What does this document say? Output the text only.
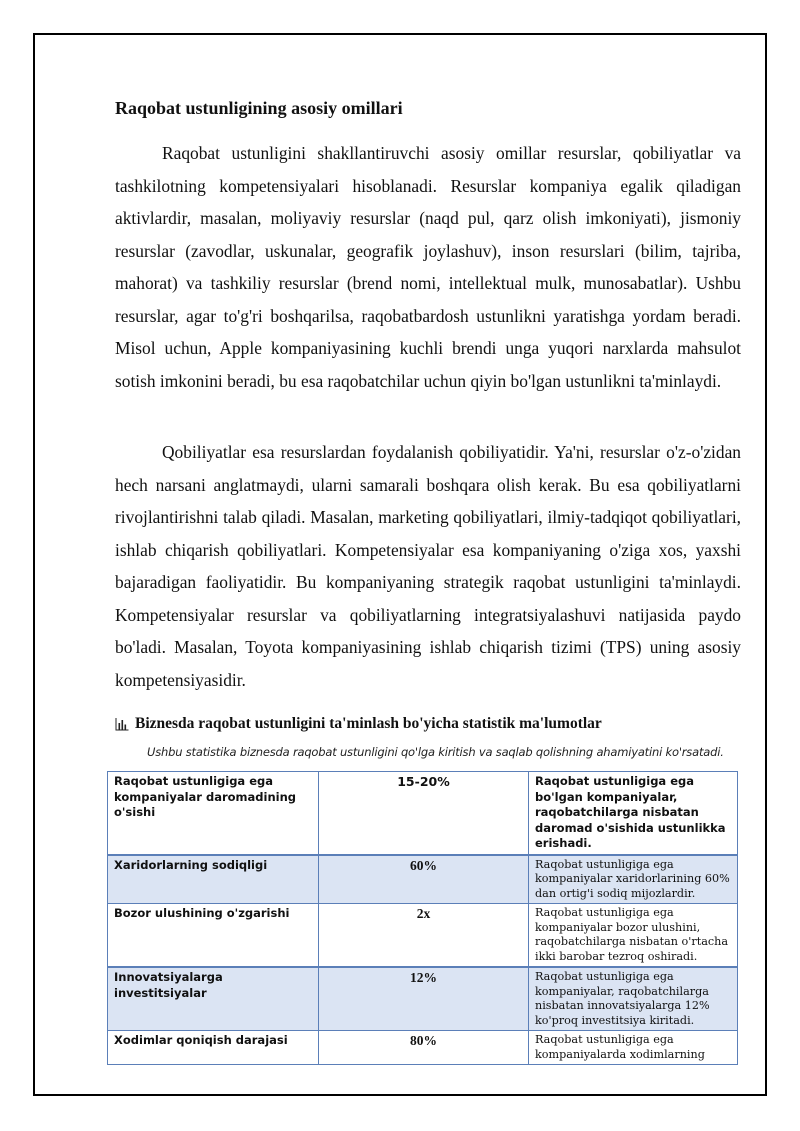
Raqobat ustunligining asosiy omillari

Raqobat ustunligini shakllantiruvchi asosiy omillar resurslar, qobiliyatlar va tashkilotning kompetensiyalari hisoblanadi. Resurslar kompaniya egalik qiladigan aktivlardir, masalan, moliyaviy resurslar (naqd pul, qarz olish imkoniyati), jismoniy resurslar (zavodlar, uskunalar, geografik joylashuv), inson resurslari (bilim, tajriba, mahorat) va tashkiliy resurslar (brend nomi, intellektual mulk, munosabatlar). Ushbu resurslar, agar to'g'ri boshqarilsa, raqobatbardosh ustunlikni yaratishga yordam beradi. Misol uchun, Apple kompaniyasining kuchli brendi unga yuqori narxlarda mahsulot sotish imkonini beradi, bu esa raqobatchilar uchun qiyin bo'lgan ustunlikni ta'minlaydi.

Qobiliyatlar esa resurslardan foydalanish qobiliyatidir. Ya'ni, resurslar o'z-o'zidan hech narsani anglatmaydi, ularni samarali boshqara olish kerak. Bu esa qobiliyatlarni rivojlantirishni talab qiladi. Masalan, marketing qobiliyatlari, ilmiy-tadqiqot qobiliyatlari, ishlab chiqarish qobiliyatlari. Kompetensiyalar esa kompaniyaning o'ziga xos, yaxshi bajaradigan faoliyatidir. Bu kompaniyaning strategik raqobat ustunligini ta'minlaydi. Kompetensiyalar resurslar va qobiliyatlarning integratsiyalashuvi natijasida paydo bo'ladi. Masalan, Toyota kompaniyasining ishlab chiqarish tizimi (TPS) uning asosiy kompetensiyasidir.

Biznesda raqobat ustunligini ta'minlash bo'yicha statistik ma'lumotlar

Ushbu statistika biznesda raqobat ustunligini qo'lga kiritish va saqlab qolishning ahamiyatini ko'rsatadi.

Raqobat ustunligiga ega kompaniyalar daromadining o'sishi	15-20%	Raqobat ustunligiga ega bo'lgan kompaniyalar, raqobatchilarga nisbatan daromad o'sishida ustunlikka erishadi.
Xaridorlarning sodiqligi	60%	Raqobat ustunligiga ega kompaniyalar xaridorlarining 60% dan ortig'i sodiq mijozlardir.
Bozor ulushining o'zgarishi	2x	Raqobat ustunligiga ega kompaniyalar bozor ulushini, raqobatchilarga nisbatan o'rtacha ikki barobar tezroq oshiradi.
Innovatsiyalarga investitsiyalar	12%	Raqobat ustunligiga ega kompaniyalar, raqobatchilarga nisbatan innovatsiyalarga 12% ko'proq investitsiya kiritadi.
Xodimlar qoniqish darajasi	80%	Raqobat ustunligiga ega kompaniyalarda xodimlarning
